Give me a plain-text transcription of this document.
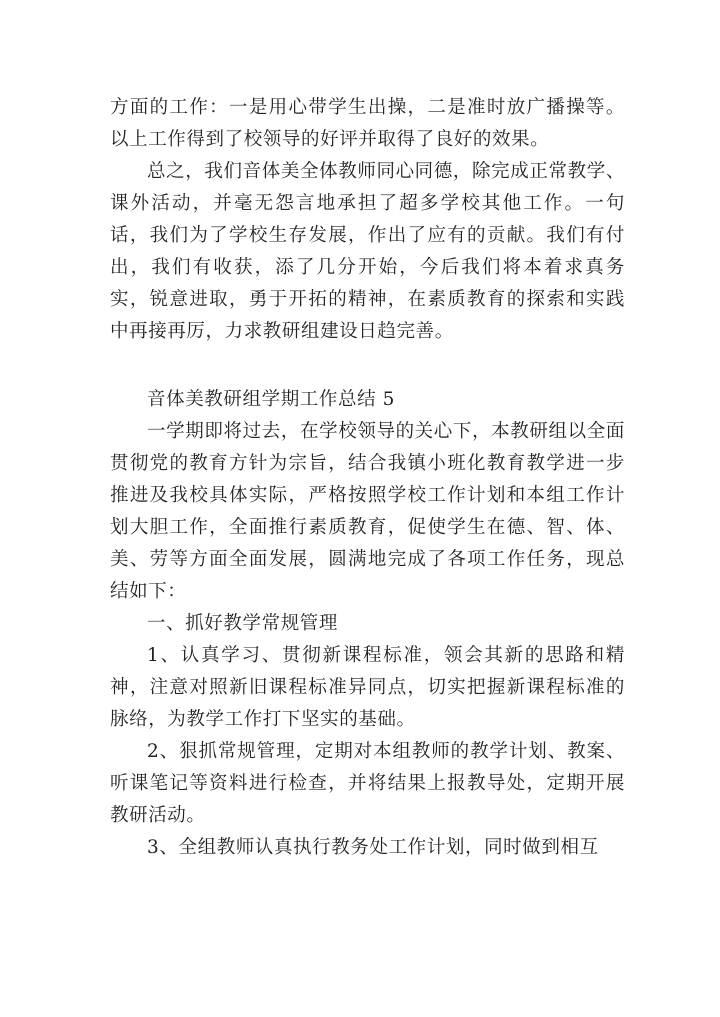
方面的工作：一是用心带学生出操，二是准时放广播操等。以上工作得到了校领导的好评并取得了良好的效果。

总之，我们音体美全体教师同心同德，除完成正常教学、课外活动，并毫无怨言地承担了超多学校其他工作。一句话，我们为了学校生存发展，作出了应有的贡献。我们有付出，我们有收获，添了几分开始，今后我们将本着求真务实，锐意进取，勇于开拓的精神，在素质教育的探索和实践中再接再厉，力求教研组建设日趋完善。

音体美教研组学期工作总结 5

一学期即将过去，在学校领导的关心下，本教研组以全面贯彻党的教育方针为宗旨，结合我镇小班化教育教学进一步推进及我校具体实际，严格按照学校工作计划和本组工作计划大胆工作，全面推行素质教育，促使学生在德、智、体、美、劳等方面全面发展，圆满地完成了各项工作任务，现总结如下：

一、抓好教学常规管理

1、认真学习、贯彻新课程标准，领会其新的思路和精神，注意对照新旧课程标准异同点，切实把握新课程标准的脉络，为教学工作打下坚实的基础。

2、狠抓常规管理，定期对本组教师的教学计划、教案、听课笔记等资料进行检查，并将结果上报教导处，定期开展教研活动。

3、全组教师认真执行教务处工作计划，同时做到相互
